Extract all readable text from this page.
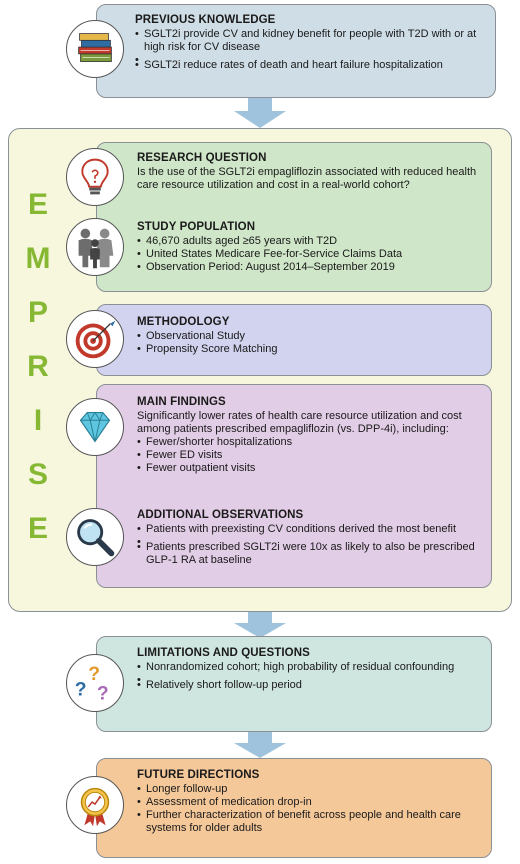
PREVIOUS KNOWLEDGE
• SGLT2i provide CV and kidney benefit for people with T2D with or at high risk for CV disease
•
• SGLT2i reduce rates of death and heart failure hospitalization
E
M
P
R
I
S
E
RESEARCH QUESTION

Is the use of the SGLT2i empagliflozin associated with reduced health care resource utilization and cost in a real-world cohort?

STUDY POPULATION
• 46,670 adults aged ≥65 years with T2D
• United States Medicare Fee-for-Service Claims Data
• Observation Period: August 2014–September 2019
METHODOLOGY
• Observational Study
• Propensity Score Matching
MAIN FINDINGS

Significantly lower rates of health care resource utilization and cost among patients prescribed empagliflozin (vs. DPP-4i), including:

• Fewer/shorter hospitalizations
• Fewer ED visits
• Fewer outpatient visits
ADDITIONAL OBSERVATIONS
• Patients with preexisting CV conditions derived the most benefit
•
• Patients prescribed SGLT2i were 10x as likely to also be prescribed GLP-1 RA at baseline
LIMITATIONS AND QUESTIONS
• Nonrandomized cohort; high probability of residual confounding
•
• Relatively short follow-up period
?
? ?
FUTURE DIRECTIONS
• Longer follow-up
• Assessment of medication drop-in
• Further characterization of benefit across people and health care systems for older adults
